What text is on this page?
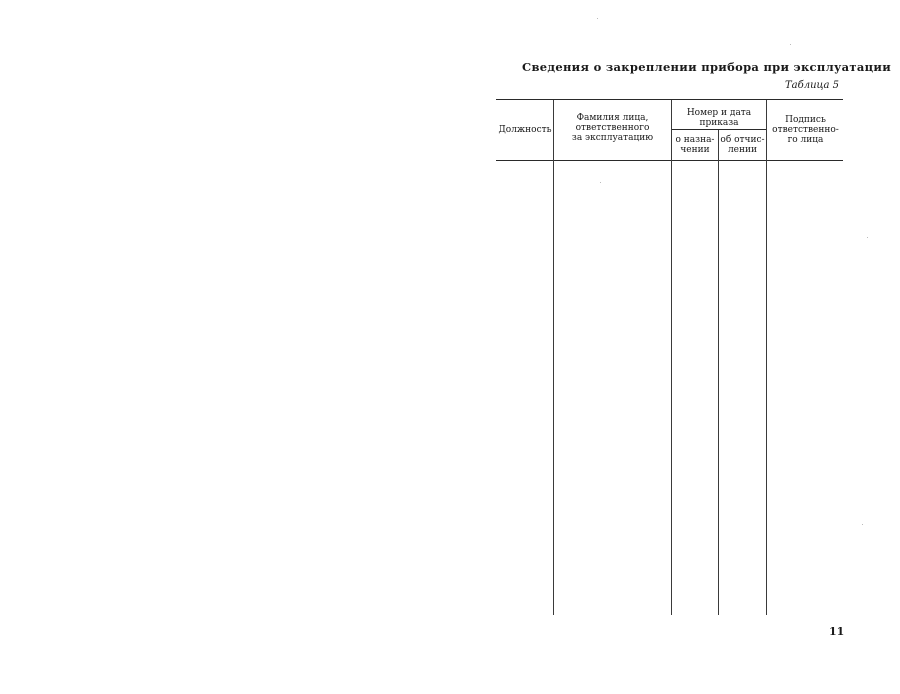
Сведения о закреплении прибора при эксплуатации
Таблица 5
Должность
Фамилия лица,
ответственного
за эксплуатацию
Номер и дата
приказа
о назна-
чении
об отчис-
лении
Подпись
ответственно-
го лица
11
